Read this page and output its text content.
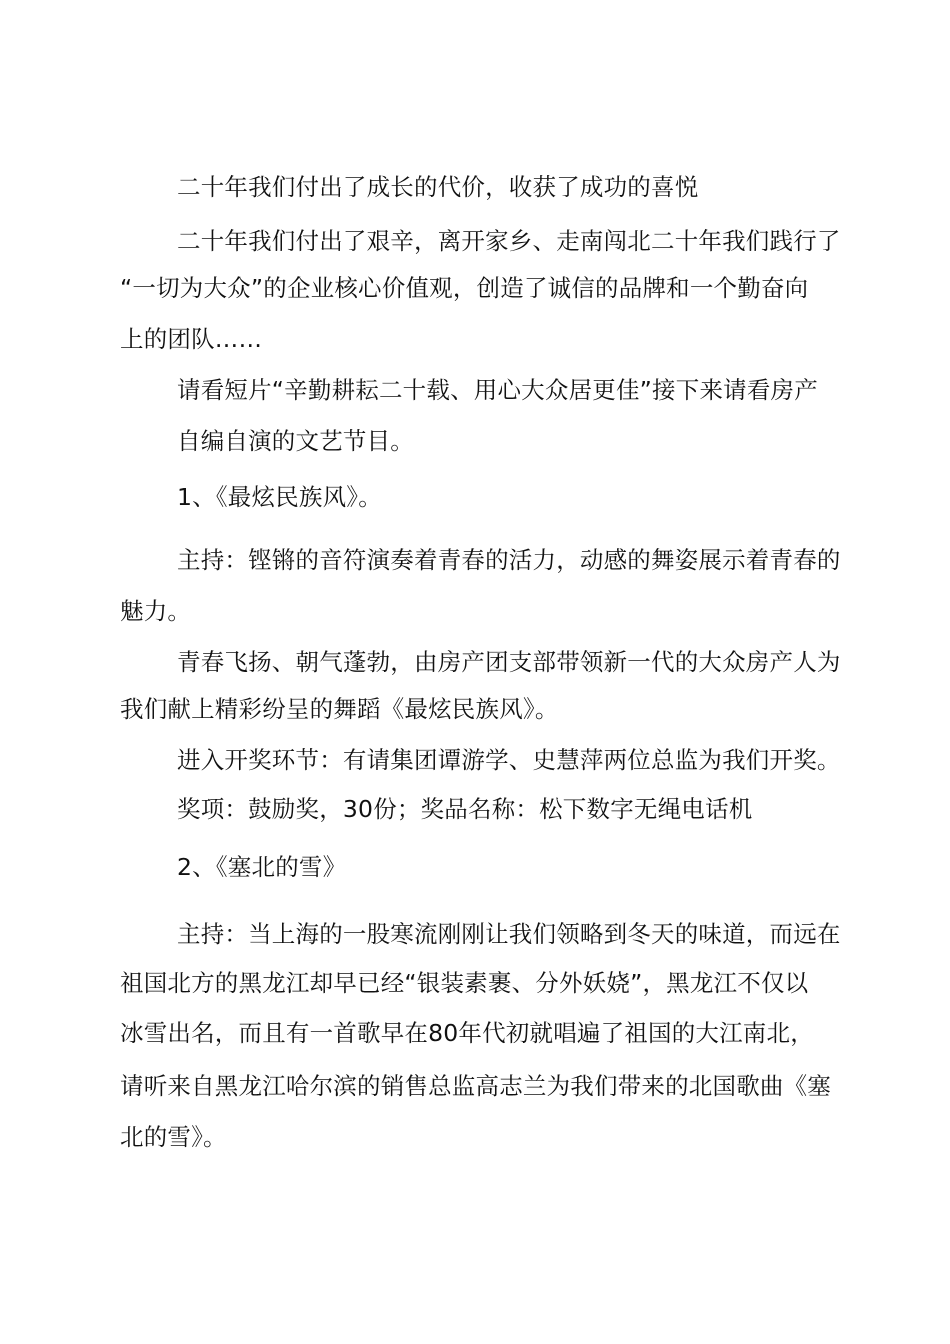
二十年我们付出了成长的代价，收获了成功的喜悦
二十年我们付出了艰辛，离开家乡、走南闯北二十年我们践行了
“一切为大众”的企业核心价值观，创造了诚信的品牌和一个勤奋向
上的团队……
请看短片“辛勤耕耘二十载、用心大众居更佳”接下来请看房产
自编自演的文艺节目。
1、《最炫民族风》。
主持：铿锵的音符演奏着青春的活力，动感的舞姿展示着青春的
魅力。
青春飞扬、朝气蓬勃，由房产团支部带领新一代的大众房产人为
我们献上精彩纷呈的舞蹈《最炫民族风》。
进入开奖环节：有请集团谭游学、史慧萍两位总监为我们开奖。
奖项：鼓励奖，30份；奖品名称：松下数字无绳电话机
2、《塞北的雪》
主持：当上海的一股寒流刚刚让我们领略到冬天的味道，而远在
祖国北方的黑龙江却早已经“银装素裹、分外妖娆”，黑龙江不仅以
冰雪出名，而且有一首歌早在80年代初就唱遍了祖国的大江南北，
请听来自黑龙江哈尔滨的销售总监高志兰为我们带来的北国歌曲《塞
北的雪》。
